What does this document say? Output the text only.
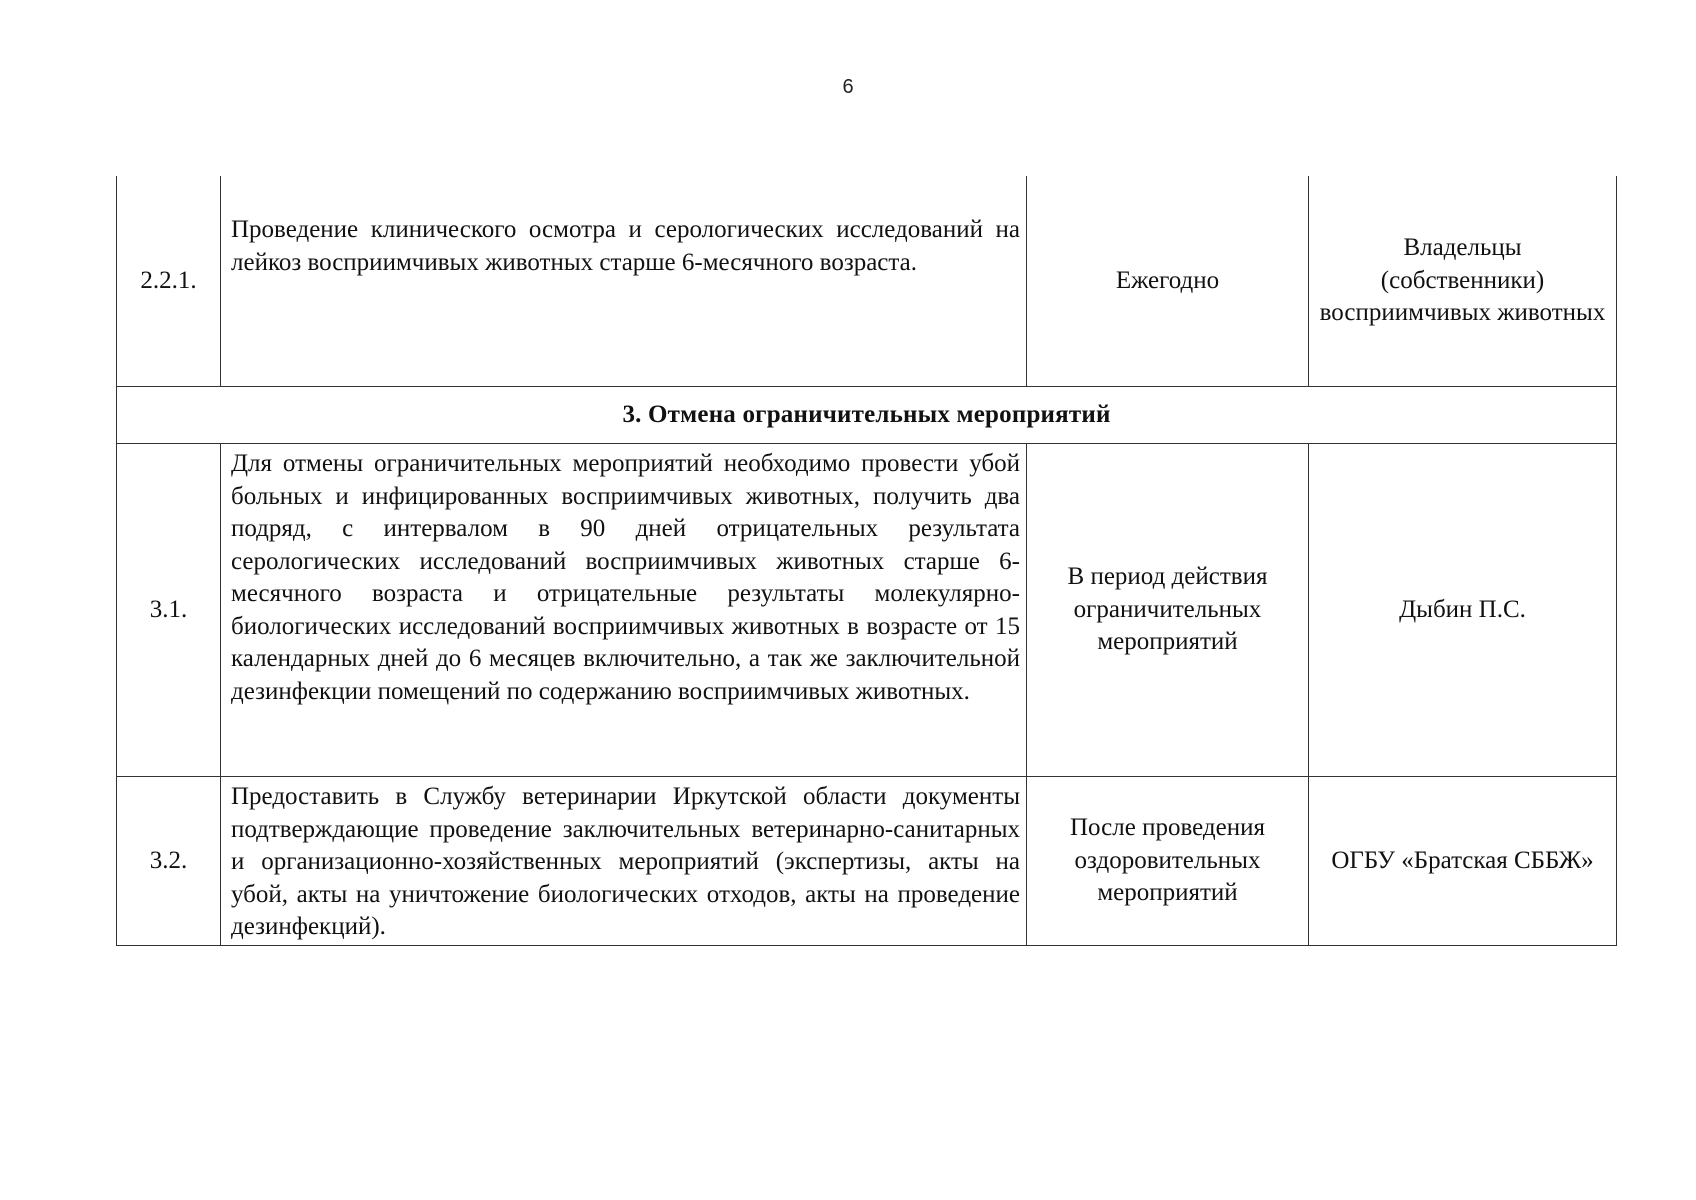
6
2.2.1.	Проведение клинического осмотра и серологических исследований на лейкоз восприимчивых животных старше 6-месячного возраста.	Ежегодно	Владельцы (собственники) восприимчивых животных
3. Отмена ограничительных мероприятий			
3.1.	Для отмены ограничительных мероприятий необходимо провести убой больных и инфицированных восприимчивых животных, получить два подряд, с интервалом в 90 дней отрицательных результата серологических исследований восприимчивых животных старше 6-месячного возраста и отрицательные результаты молекулярно-биологических исследований восприимчивых животных в возрасте от 15 календарных дней до 6 месяцев включительно, а так же заключительной дезинфекции помещений по содержанию восприимчивых животных.	В период действия ограничительных мероприятий	Дыбин П.С.
3.2.	Предоставить в Службу ветеринарии Иркутской области документы подтверждающие проведение заключительных ветеринарно-санитарных и организационно-хозяйственных мероприятий (экспертизы, акты на убой, акты на уничтожение биологических отходов, акты на проведение дезинфекций).	После проведения оздоровительных мероприятий	ОГБУ «Братская СББЖ»
